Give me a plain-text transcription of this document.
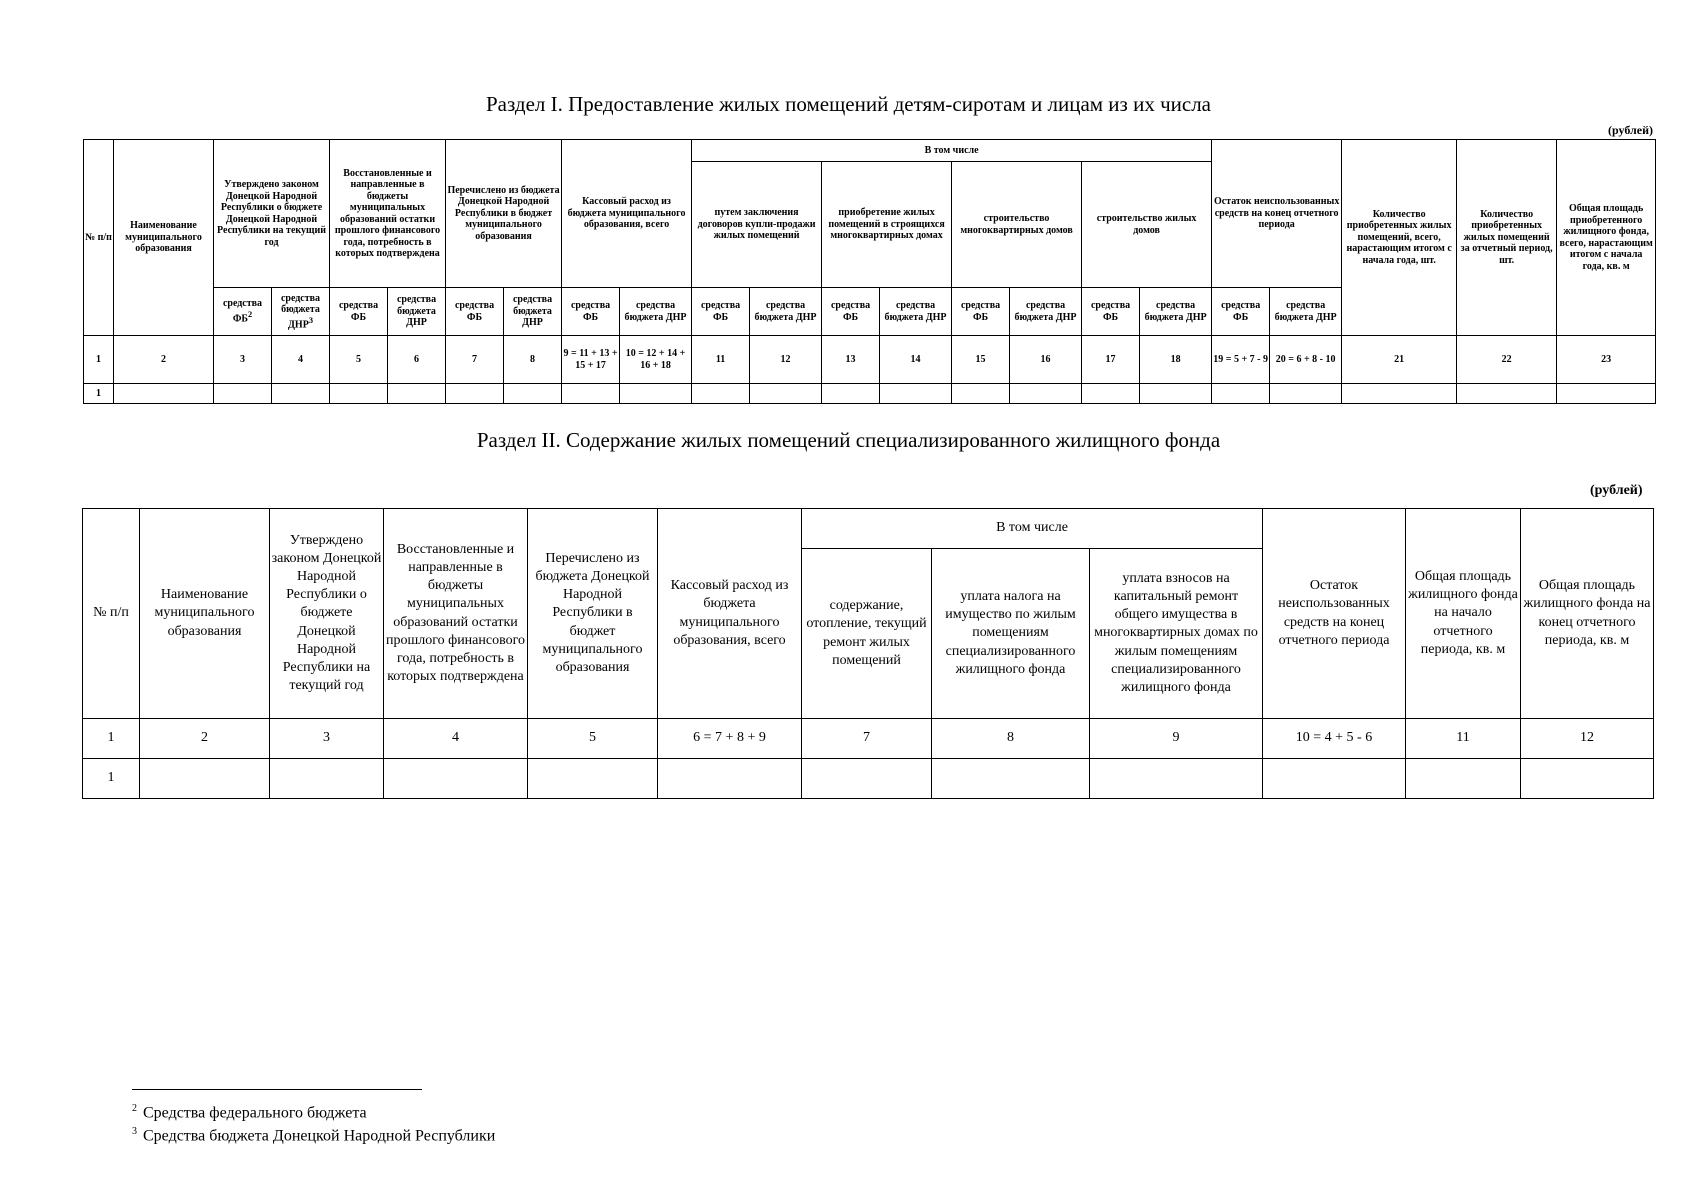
Раздел I. Предоставление жилых помещений детям-сиротам и лицам из их числа
(рублей)
№ п/п	Наименование муниципального образования	Утверждено законом Донецкой Народной Республики о бюджете Донецкой Народной Республики на текущий год		Восстановленные и направленные в бюджеты муниципальных образований остатки прошлого финансового года, потребность в которых подтверждена		Перечислено из бюджета Донецкой Народной Республики в бюджет муниципального образования		Кассовый расход из бюджета муниципального образования, всего		В том числе								Остаток неиспользованных средств на конец отчетного периода		Количество приобретенных жилых помещений, всего, нарастающим итогом с начала года, шт.	Количество приобретенных жилых помещений за отчетный период, шт.	Общая площадь приобретенного жилищного фонда, всего, нарастающим итогом с начала года, кв. м
										путем заключения договоров купли-продажи жилых помещений		приобретение жилых помещений в строящихся многоквартирных домах		строительство многоквартирных домов		строительство жилых домов						
		средства $ФБ^2$	средства бюджета ДНР$^3$	средства ФБ	средства бюджета ДНР	средства ФБ	средства бюджета ДНР	средства ФБ	средства бюджета ДНР	средства ФБ	средства бюджета ДНР	средства ФБ	средства бюджета ДНР	средства ФБ	средства бюджета ДНР	средства ФБ	средства бюджета ДНР	средства ФБ	средства бюджета ДНР			
1	2	3	4	5	6	7	8	9 = 11 + 13 + 15 + 17	10 = 12 + 14 + 16 + 18	11	12	13	14	15	16	17	18	19 = 5 + 7 - 9	20 = 6 + 8 - 10	21	22	23
1																						
Раздел II. Содержание жилых помещений специализированного жилищного фонда
(рублей)
№ п/п	Наименование муниципального образования	Утверждено законом Донецкой Народной Республики о бюджете Донецкой Народной Республики на текущий год	Восстановленные и направленные в бюджеты муниципальных образований остатки прошлого финансового года, потребность в которых подтверждена	Перечислено из бюджета Донецкой Народной Республики в бюджет муниципального образования	Кассовый расход из бюджета муниципального образования, всего	В том числе			Остаток неиспользованных средств на конец отчетного периода	Общая площадь жилищного фонда на начало отчетного периода, кв. м	Общая площадь жилищного фонда на конец отчетного периода, кв. м
						содержание, отопление, текущий ремонт жилых помещений	уплата налога на имущество по жилым помещениям специализированного жилищного фонда	уплата взносов на капитальный ремонт общего имущества в многоквартирных домах по жилым помещениям специализированного жилищного фонда			
1	2	3	4	5	6 = 7 + 8 + 9	7	8	9	10 = 4 + 5 - 6	11	12
1											
$^2$ Средства федерального бюджета
$^3$ Средства бюджета Донецкой Народной Республики
